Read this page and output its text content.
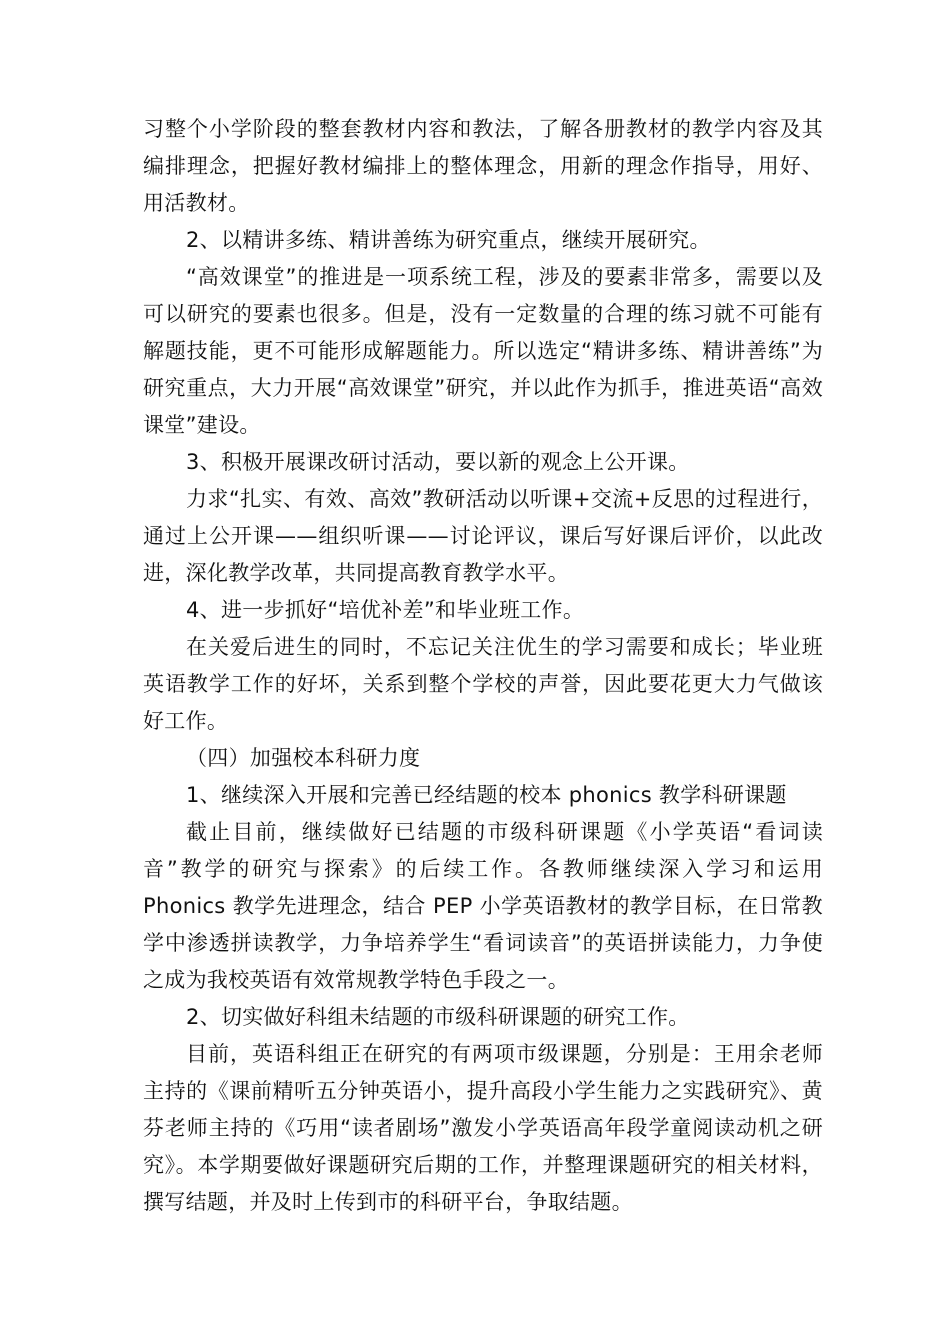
习整个小学阶段的整套教材内容和教法，了解各册教材的教学内容及其编排理念，把握好教材编排上的整体理念，用新的理念作指导，用好、用活教材。

2、以精讲多练、精讲善练为研究重点，继续开展研究。

“高效课堂”的推进是一项系统工程，涉及的要素非常多，需要以及可以研究的要素也很多。但是，没有一定数量的合理的练习就不可能有解题技能，更不可能形成解题能力。所以选定“精讲多练、精讲善练”为研究重点，大力开展“高效课堂”研究，并以此作为抓手，推进英语“高效课堂”建设。

3、积极开展课改研讨活动，要以新的观念上公开课。

力求“扎实、有效、高效”教研活动以听课+交流+反思的过程进行，通过上公开课——组织听课——讨论评议，课后写好课后评价，以此改进，深化教学改革，共同提高教育教学水平。

4、进一步抓好“培优补差”和毕业班工作。

在关爱后进生的同时，不忘记关注优生的学习需要和成长；毕业班英语教学工作的好坏，关系到整个学校的声誉，因此要花更大力气做该好工作。

（四）加强校本科研力度

1、继续深入开展和完善已经结题的校本 phonics 教学科研课题

截止目前，继续做好已结题的市级科研课题《小学英语“看词读音”教学的研究与探索》的后续工作。各教师继续深入学习和运用 Phonics 教学先进理念，结合 PEP 小学英语教材的教学目标，在日常教学中渗透拼读教学，力争培养学生“看词读音”的英语拼读能力，力争使之成为我校英语有效常规教学特色手段之一。

2、切实做好科组未结题的市级科研课题的研究工作。

目前，英语科组正在研究的有两项市级课题，分别是：王用余老师主持的《课前精听五分钟英语小，提升高段小学生能力之实践研究》、黄芬老师主持的《巧用“读者剧场”激发小学英语高年段学童阅读动机之研究》。本学期要做好课题研究后期的工作，并整理课题研究的相关材料，撰写结题，并及时上传到市的科研平台，争取结题。
